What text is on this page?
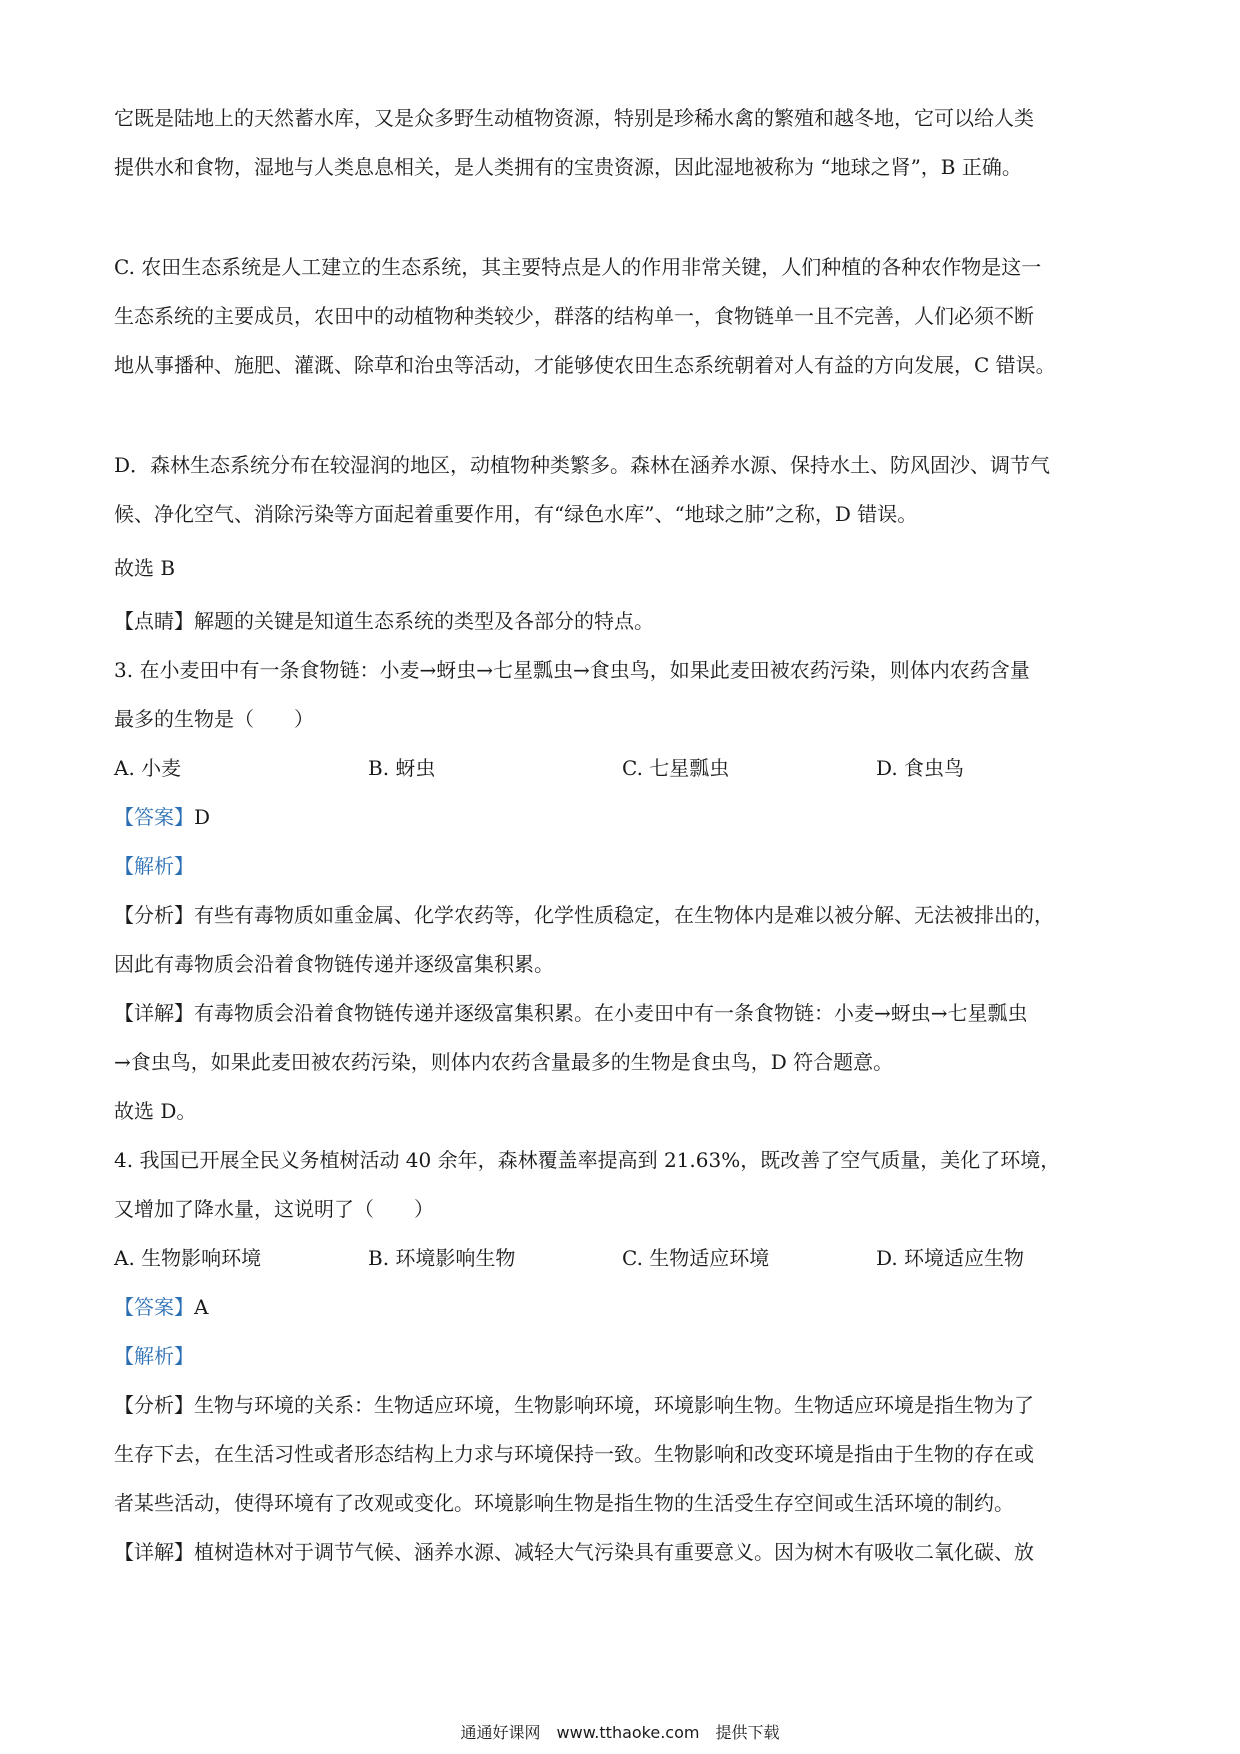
它既是陆地上的天然蓄水库，又是众多野生动植物资源，特别是珍稀水禽的繁殖和越冬地，它可以给人类
提供水和食物，湿地与人类息息相关，是人类拥有的宝贵资源，因此湿地被称为 “地球之肾”，B 正确。
C. 农田生态系统是人工建立的生态系统，其主要特点是人的作用非常关键，人们种植的各种农作物是这一
生态系统的主要成员，农田中的动植物种类较少，群落的结构单一，食物链单一且不完善，人们必须不断
地从事播种、施肥、灌溉、除草和治虫等活动，才能够使农田生态系统朝着对人有益的方向发展，C 错误。
D．森林生态系统分布在较湿润的地区，动植物种类繁多。森林在涵养水源、保持水土、防风固沙、调节气
候、净化空气、消除污染等方面起着重要作用，有“绿色水库”、“地球之肺”之称，D 错误。
故选 B
【点睛】解题的关键是知道生态系统的类型及各部分的特点。
3. 在小麦田中有一条食物链：小麦→蚜虫→七星瓢虫→食虫鸟，如果此麦田被农药污染，则体内农药含量
最多的生物是（　　）
A. 小麦	B. 蚜虫	C. 七星瓢虫	D. 食虫鸟
【答案】D
【解析】
【分析】有些有毒物质如重金属、化学农药等，化学性质稳定，在生物体内是难以被分解、无法被排出的，
因此有毒物质会沿着食物链传递并逐级富集积累。
【详解】有毒物质会沿着食物链传递并逐级富集积累。在小麦田中有一条食物链：小麦→蚜虫→七星瓢虫
→食虫鸟，如果此麦田被农药污染，则体内农药含量最多的生物是食虫鸟，D 符合题意。
故选 D。
4. 我国已开展全民义务植树活动 40 余年，森林覆盖率提高到 21.63%，既改善了空气质量，美化了环境，
又增加了降水量，这说明了（　　）
A. 生物影响环境	B. 环境影响生物	C. 生物适应环境	D. 环境适应生物
【答案】A
【解析】
【分析】生物与环境的关系：生物适应环境，生物影响环境，环境影响生物。生物适应环境是指生物为了
生存下去，在生活习性或者形态结构上力求与环境保持一致。生物影响和改变环境是指由于生物的存在或
者某些活动，使得环境有了改观或变化。环境影响生物是指生物的生活受生存空间或生活环境的制约。
【详解】植树造林对于调节气候、涵养水源、减轻大气污染具有重要意义。因为树木有吸收二氧化碳、放
通通好课网　www.tthaoke.com　提供下载
